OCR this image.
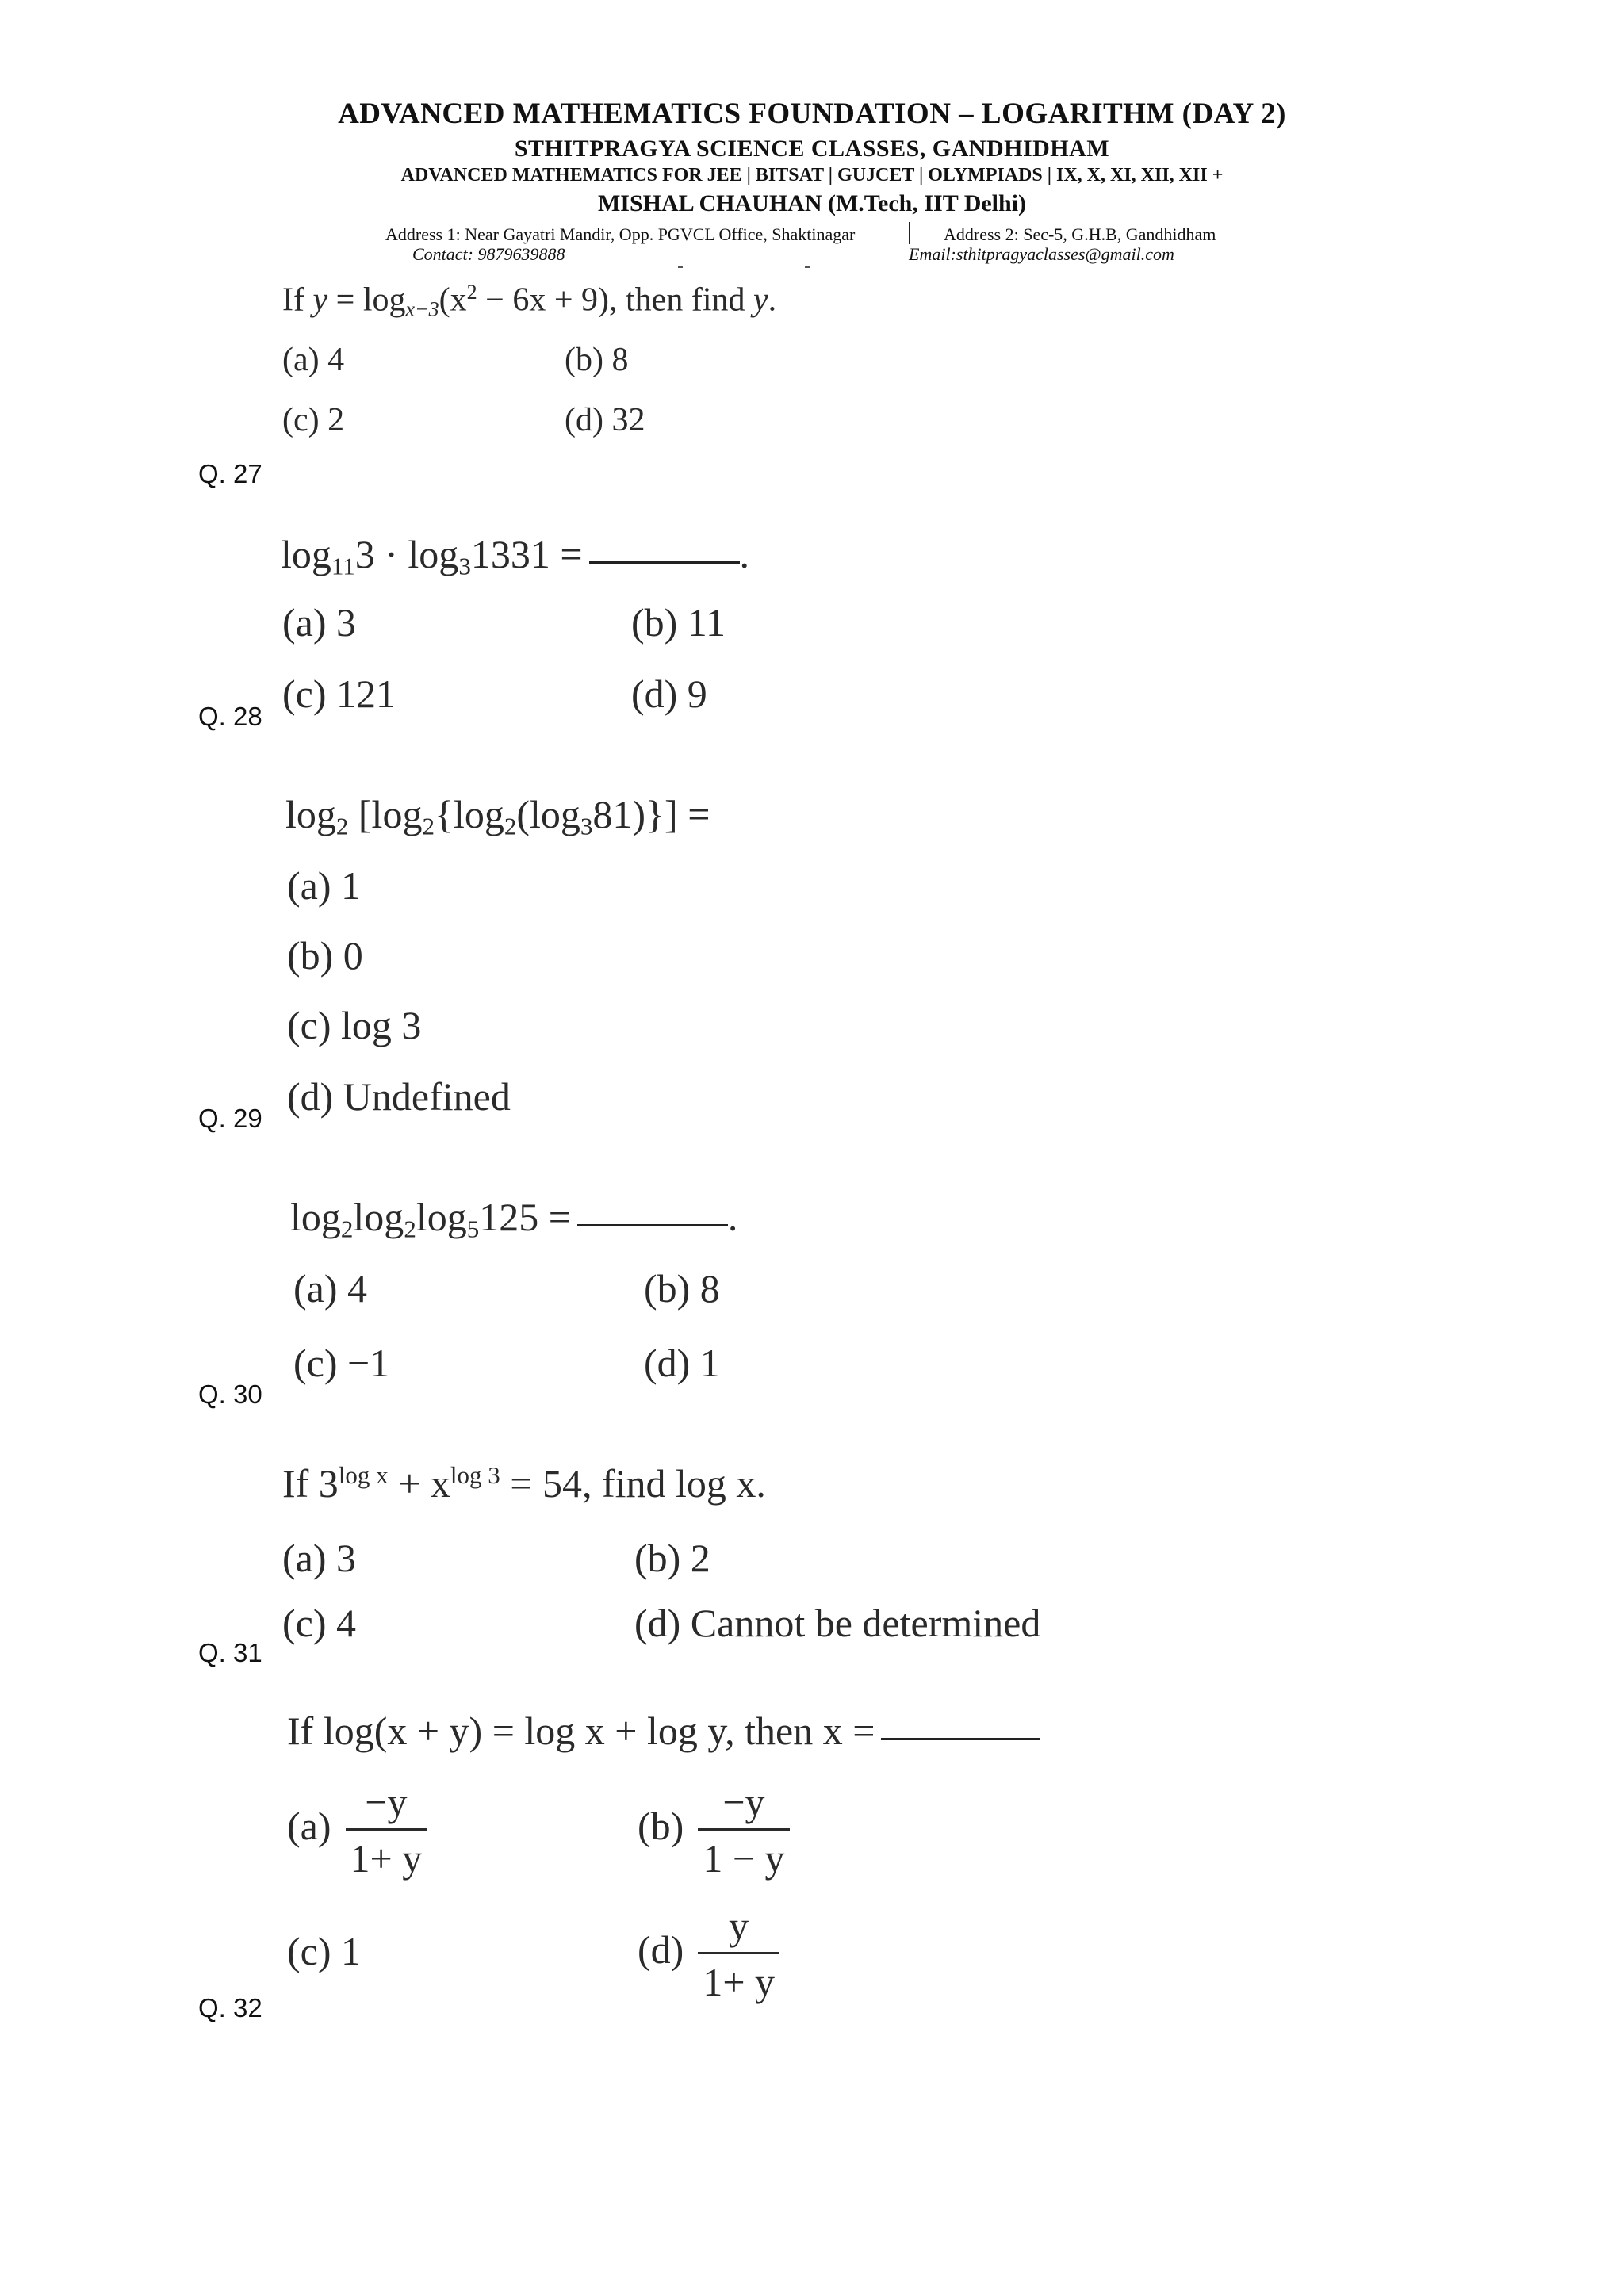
ADVANCED MATHEMATICS FOUNDATION – LOGARITHM (DAY 2)
STHITPRAGYA SCIENCE CLASSES, GANDHIDHAM
ADVANCED MATHEMATICS FOR JEE | BITSAT | GUJCET | OLYMPIADS | IX, X, XI, XII, XII +
MISHAL CHAUHAN (M.Tech, IIT Delhi)
Address 1: Near Gayatri Mandir, Opp. PGVCL Office, Shaktinagar	Address 2: Sec-5, G.H.B, Gandhidham
Contact: 9879639888	Email:sthitpragyaclasses@gmail.com
If $y = \log_{x-3}(x^2 - 6x + 9)$, then find y.
(a) 4	(b) 8
(c) 2	(d) 32
Q. 27
$\log_{11}3 \cdot \log_31331$ =	.
(a) 3	(b) 11
(c) 121	(d) 9
Q. 28
$\log_2 [\log_2\{\log_2(\log_381)\}]$ =
(a) 1
(b) 0
(c) log 3
(d) Undefined
Q. 29
$\log_2\log_2\log_5125$ =	.
(a) 4	(b) 8
(c) −1	(d) 1
Q. 30
If $3^{log x} + x^{log 3} = 54$, find log x.
(a) 3	(b) 2
(c) 4	(d) Cannot be determined
Q. 31
If log(x + y) = log x + log y, then x =
$(a) \frac{-y}{1+ y}$	$(b) \frac{-y}{1 - y}$
(c) 1	$(d) \frac{y}{1+ y}$
Q. 32
